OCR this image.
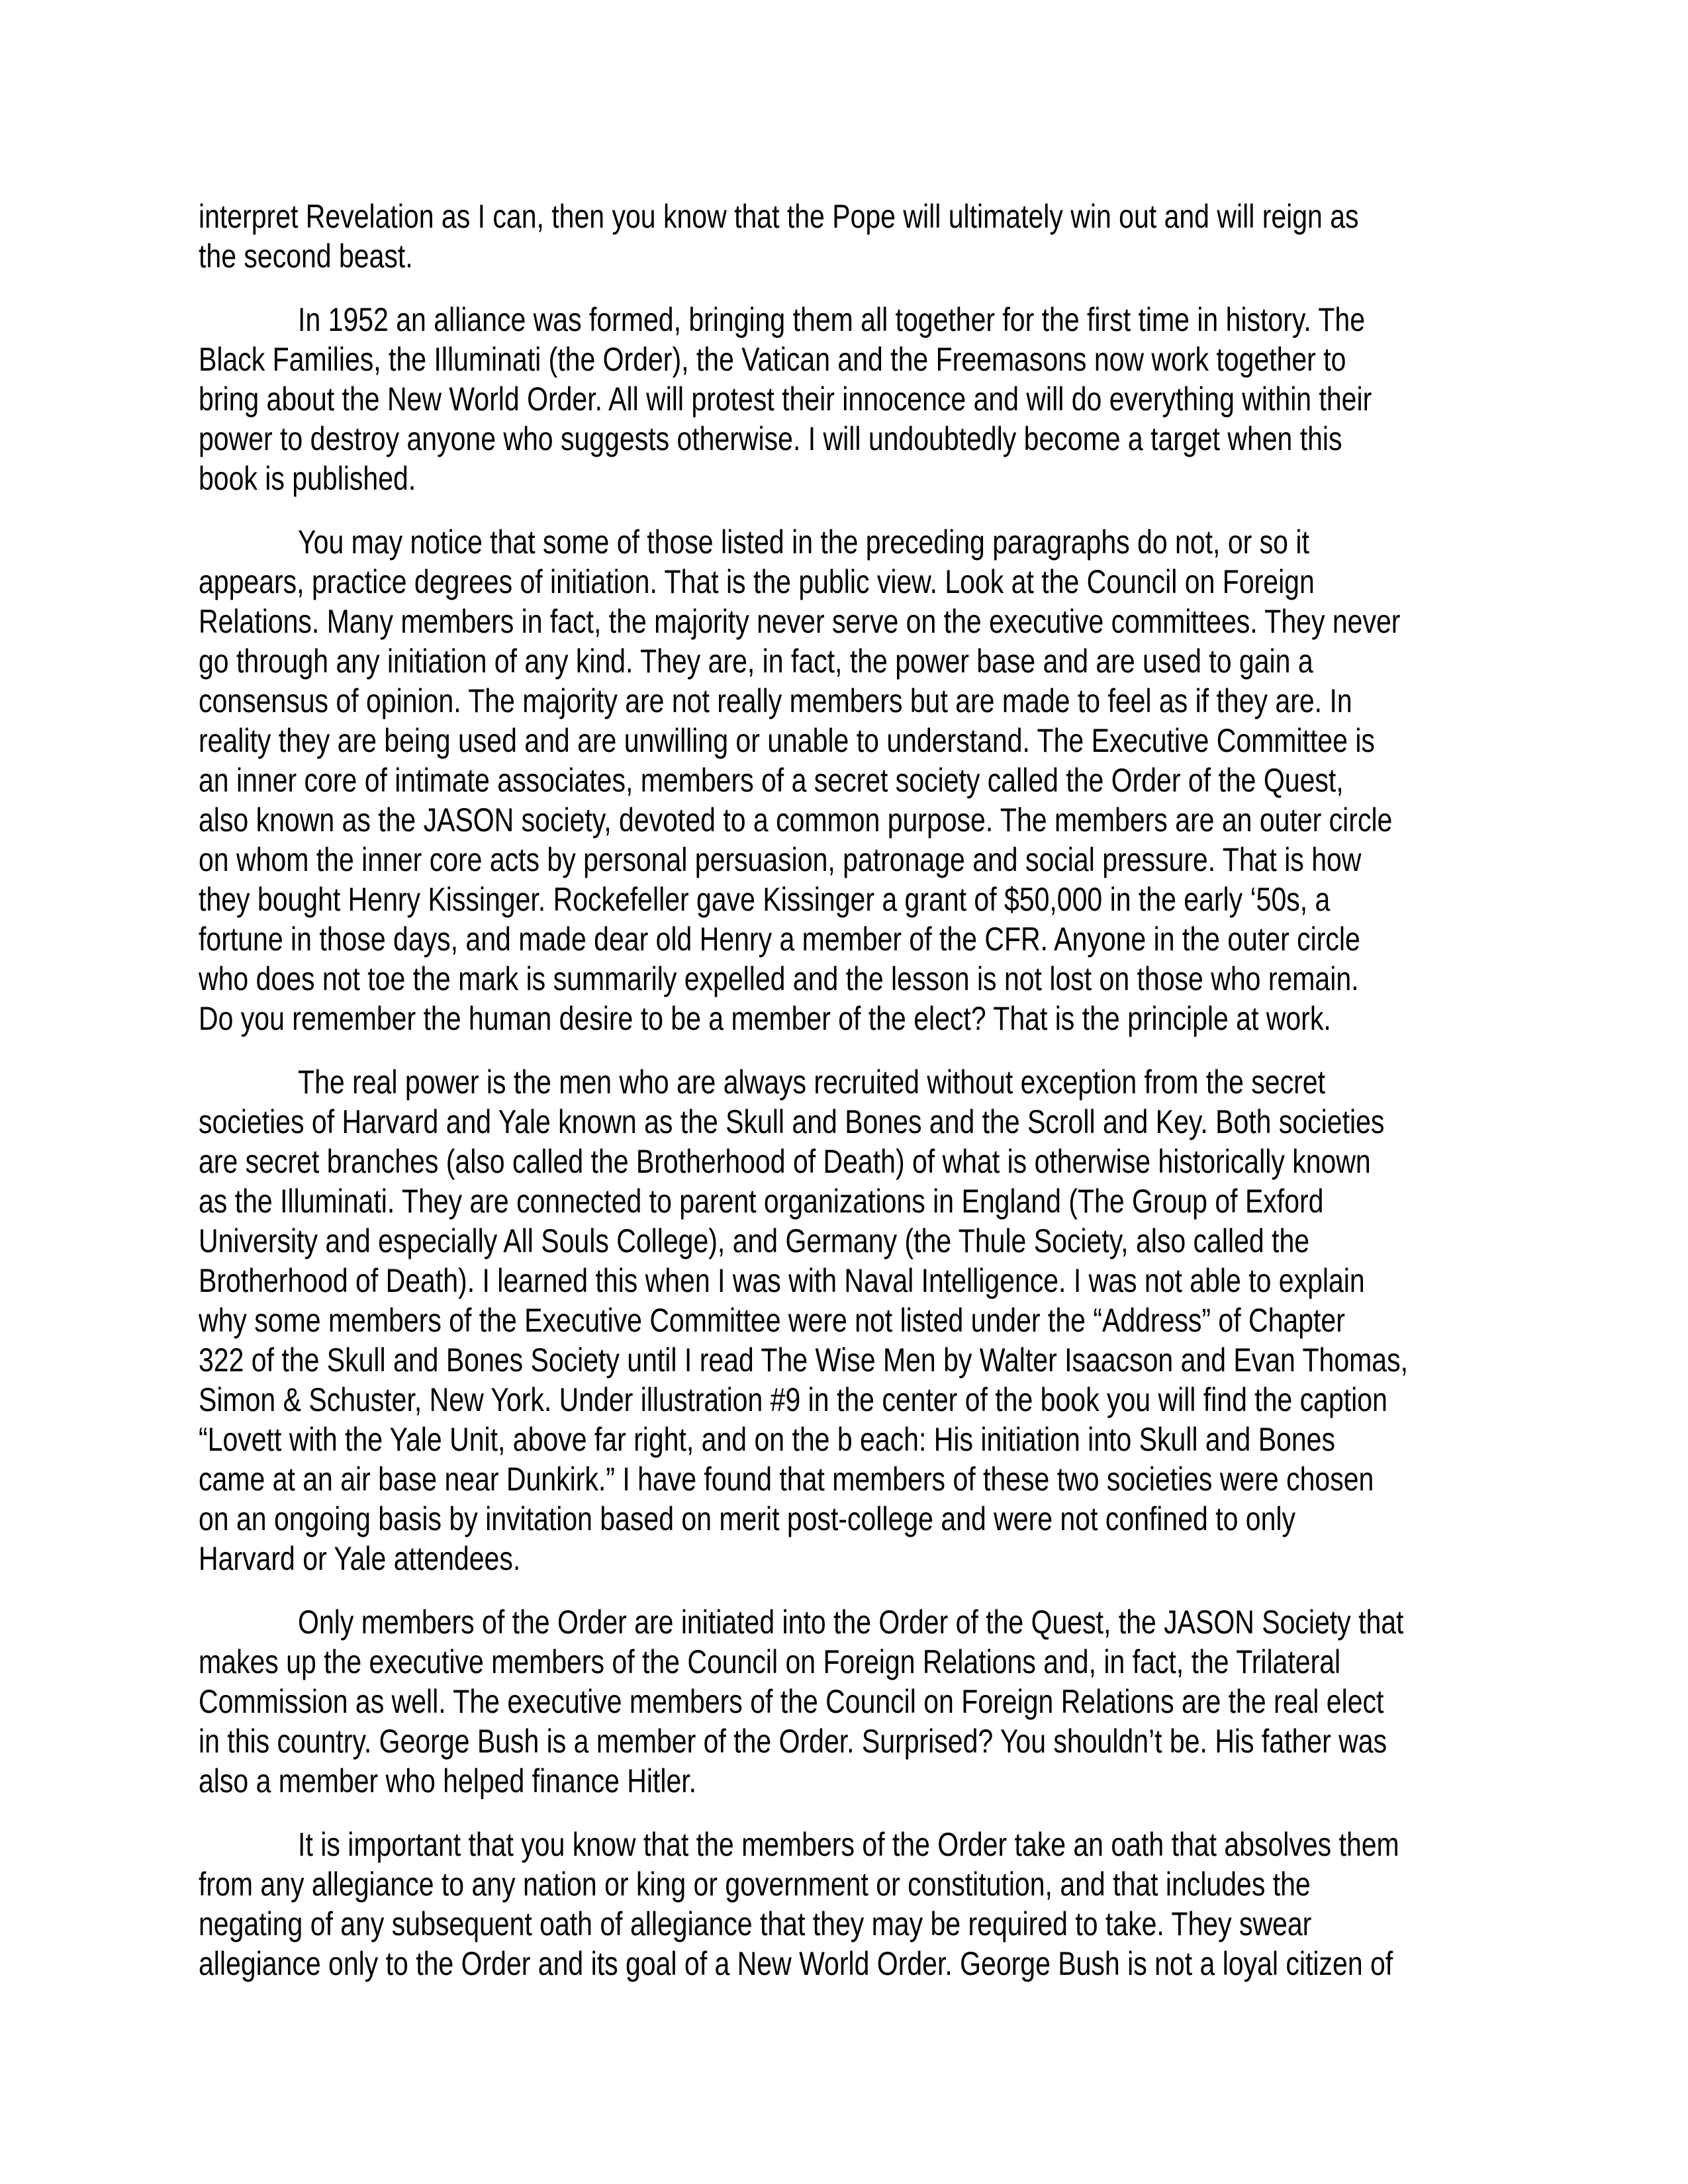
interpret Revelation as I can, then you know that the Pope will ultimately win out and will reign as
the second beast.

In 1952 an alliance was formed, bringing them all together for the first time in history. The
Black Families, the Illuminati (the Order), the Vatican and the Freemasons now work together to
bring about the New World Order. All will protest their innocence and will do everything within their
power to destroy anyone who suggests otherwise. I will undoubtedly become a target when this
book is published.

You may notice that some of those listed in the preceding paragraphs do not, or so it
appears, practice degrees of initiation. That is the public view. Look at the Council on Foreign
Relations. Many members in fact, the majority never serve on the executive committees. They never
go through any initiation of any kind. They are, in fact, the power base and are used to gain a
consensus of opinion. The majority are not really members but are made to feel as if they are. In
reality they are being used and are unwilling or unable to understand. The Executive Committee is
an inner core of intimate associates, members of a secret society called the Order of the Quest,
also known as the JASON society, devoted to a common purpose. The members are an outer circle
on whom the inner core acts by personal persuasion, patronage and social pressure. That is how
they bought Henry Kissinger. Rockefeller gave Kissinger a grant of $50,000 in the early ‘50s, a
fortune in those days, and made dear old Henry a member of the CFR. Anyone in the outer circle
who does not toe the mark is summarily expelled and the lesson is not lost on those who remain.
Do you remember the human desire to be a member of the elect? That is the principle at work.

The real power is the men who are always recruited without exception from the secret
societies of Harvard and Yale known as the Skull and Bones and the Scroll and Key. Both societies
are secret branches (also called the Brotherhood of Death) of what is otherwise historically known
as the Illuminati. They are connected to parent organizations in England (The Group of Exford
University and especially All Souls College), and Germany (the Thule Society, also called the
Brotherhood of Death). I learned this when I was with Naval Intelligence. I was not able to explain
why some members of the Executive Committee were not listed under the “Address” of Chapter
322 of the Skull and Bones Society until I read The Wise Men by Walter Isaacson and Evan Thomas,
Simon & Schuster, New York. Under illustration #9 in the center of the book you will find the caption
“Lovett with the Yale Unit, above far right, and on the b each: His initiation into Skull and Bones
came at an air base near Dunkirk.” I have found that members of these two societies were chosen
on an ongoing basis by invitation based on merit post-college and were not confined to only
Harvard or Yale attendees.

Only members of the Order are initiated into the Order of the Quest, the JASON Society that
makes up the executive members of the Council on Foreign Relations and, in fact, the Trilateral
Commission as well. The executive members of the Council on Foreign Relations are the real elect
in this country. George Bush is a member of the Order. Surprised? You shouldn’t be. His father was
also a member who helped finance Hitler.

It is important that you know that the members of the Order take an oath that absolves them
from any allegiance to any nation or king or government or constitution, and that includes the
negating of any subsequent oath of allegiance that they may be required to take. They swear
allegiance only to the Order and its goal of a New World Order. George Bush is not a loyal citizen of
